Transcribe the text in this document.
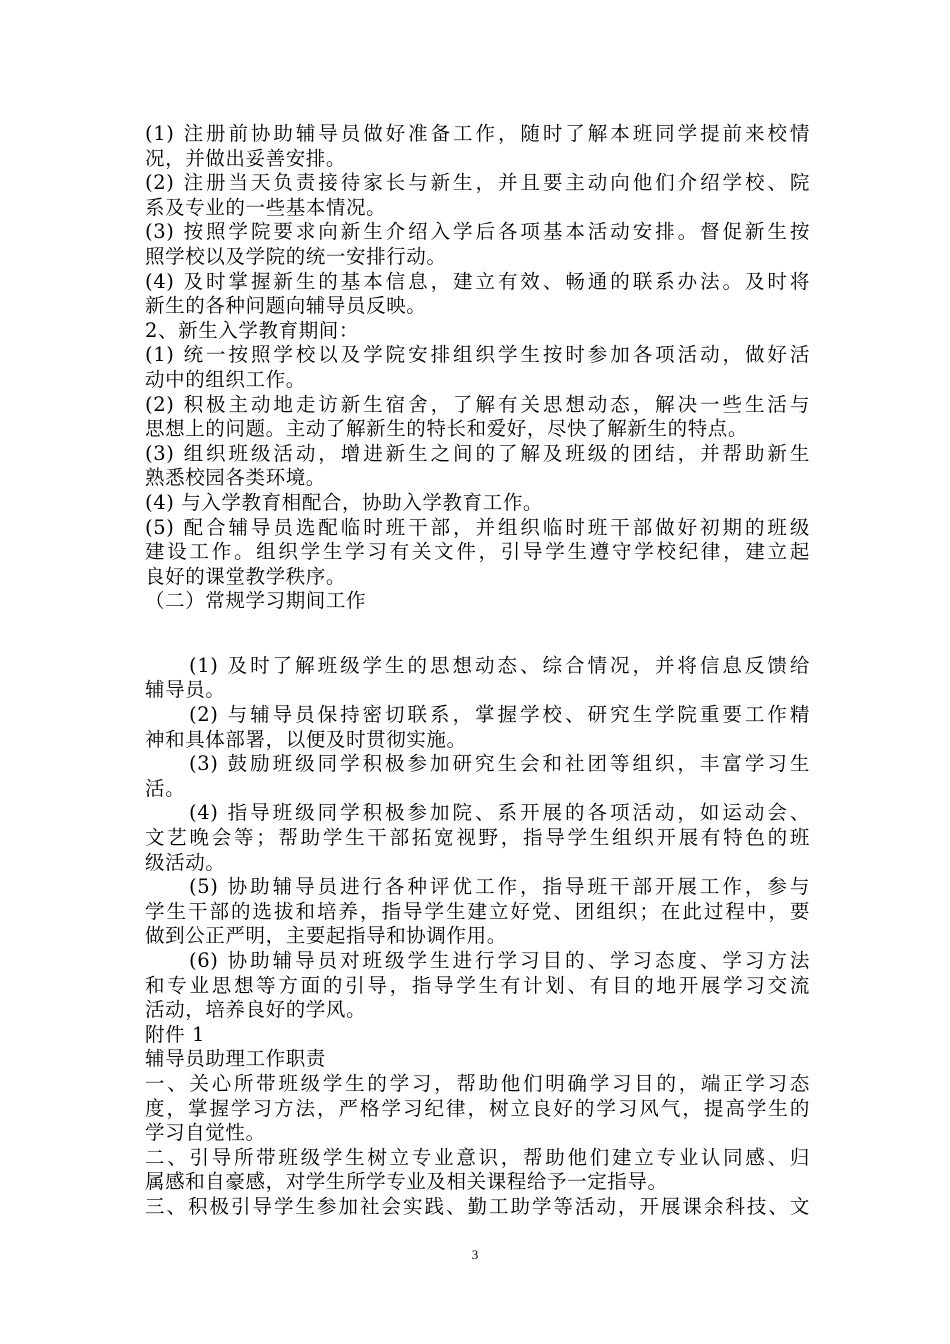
(1) 注册前协助辅导员做好准备工作，随时了解本班同学提前来校情
况，并做出妥善安排。
(2) 注册当天负责接待家长与新生，并且要主动向他们介绍学校、院
系及专业的一些基本情况。
(3) 按照学院要求向新生介绍入学后各项基本活动安排。督促新生按
照学校以及学院的统一安排行动。
(4) 及时掌握新生的基本信息，建立有效、畅通的联系办法。及时将
新生的各种问题向辅导员反映。
2、新生入学教育期间：
(1) 统一按照学校以及学院安排组织学生按时参加各项活动，做好活
动中的组织工作。
(2) 积极主动地走访新生宿舍，了解有关思想动态，解决一些生活与
思想上的问题。主动了解新生的特长和爱好，尽快了解新生的特点。
(3) 组织班级活动，增进新生之间的了解及班级的团结，并帮助新生
熟悉校园各类环境。
(4) 与入学教育相配合，协助入学教育工作。
(5) 配合辅导员选配临时班干部，并组织临时班干部做好初期的班级
建设工作。组织学生学习有关文件，引导学生遵守学校纪律，建立起
良好的课堂教学秩序。
（二）常规学习期间工作
(1) 及时了解班级学生的思想动态、综合情况，并将信息反馈给
辅导员。
(2) 与辅导员保持密切联系，掌握学校、研究生学院重要工作精
神和具体部署，以便及时贯彻实施。
(3) 鼓励班级同学积极参加研究生会和社团等组织，丰富学习生
活。
(4) 指导班级同学积极参加院、系开展的各项活动，如运动会、
文艺晚会等；帮助学生干部拓宽视野，指导学生组织开展有特色的班
级活动。
(5) 协助辅导员进行各种评优工作，指导班干部开展工作，参与
学生干部的选拔和培养，指导学生建立好党、团组织；在此过程中，要
做到公正严明，主要起指导和协调作用。
(6) 协助辅导员对班级学生进行学习目的、学习态度、学习方法
和专业思想等方面的引导，指导学生有计划、有目的地开展学习交流
活动，培养良好的学风。
附件 1
辅导员助理工作职责
一、关心所带班级学生的学习，帮助他们明确学习目的，端正学习态
度，掌握学习方法，严格学习纪律，树立良好的学习风气，提高学生的
学习自觉性。
二、引导所带班级学生树立专业意识，帮助他们建立专业认同感、归
属感和自豪感，对学生所学专业及相关课程给予一定指导。
三、积极引导学生参加社会实践、勤工助学等活动，开展课余科技、文
3
